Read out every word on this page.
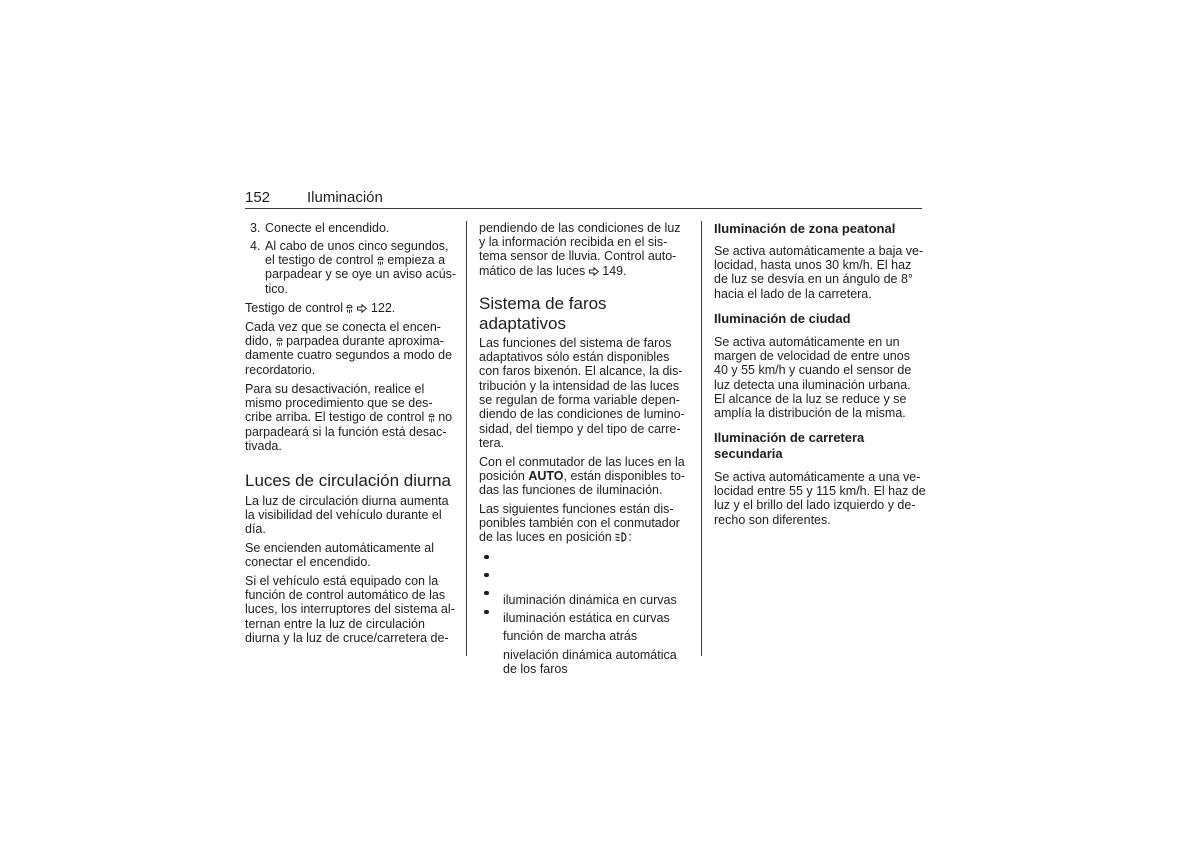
152 Iluminación
3. Conecte el encendido.
4. Al cabo de unos cinco segundos,
el testigo de control
empieza a
parpadear y se oye un aviso acús-
tico.
Testigo de control
122.
Cada vez que se conecta el encen-
dido,
parpadea durante aproxima-
damente cuatro segundos a modo de
recordatorio.
Para su desactivación, realice el
mismo procedimiento que se des-
cribe arriba. El testigo de control
no
parpadeará si la función está desac-
tivada.
Luces de circulación diurna
La luz de circulación diurna aumenta
la visibilidad del vehículo durante el
día.
Se encienden automáticamente al
conectar el encendido.
Si el vehículo está equipado con la
función de control automático de las
luces, los interruptores del sistema al-
ternan entre la luz de circulación
diurna y la luz de cruce/carretera de-
pendiendo de las condiciones de luz
y la información recibida en el sis-
tema sensor de lluvia. Control auto-
mático de las luces
149.
Sistema de faros
adaptativos
Las funciones del sistema de faros
adaptativos sólo están disponibles
con faros bixenón. El alcance, la dis-
tribución y la intensidad de las luces
se regulan de forma variable depen-
diendo de las condiciones de lumino-
sidad, del tiempo y del tipo de carre-
tera.
Con el conmutador de las luces en la
posición AUTO, están disponibles to-
das las funciones de iluminación.
Las siguientes funciones están dis-
ponibles también con el conmutador
de las luces en posición
:

iluminación dinámica en curvas

iluminación estática en curvas

función de marcha atrás

nivelación dinámica automática
de los faros

Iluminación de zona peatonal
Se activa automáticamente a baja ve-
locidad, hasta unos 30 km/h. El haz
de luz se desvía en un ángulo de 8°
hacia el lado de la carretera.
Iluminación de ciudad
Se activa automáticamente en un
margen de velocidad de entre unos
40 y 55 km/h y cuando el sensor de
luz detecta una iluminación urbana.
El alcance de la luz se reduce y se
amplía la distribución de la misma.
Iluminación de carretera
secundaria
Se activa automáticamente a una ve-
locidad entre 55 y 115 km/h. El haz de
luz y el brillo del lado izquierdo y de-
recho son diferentes.
